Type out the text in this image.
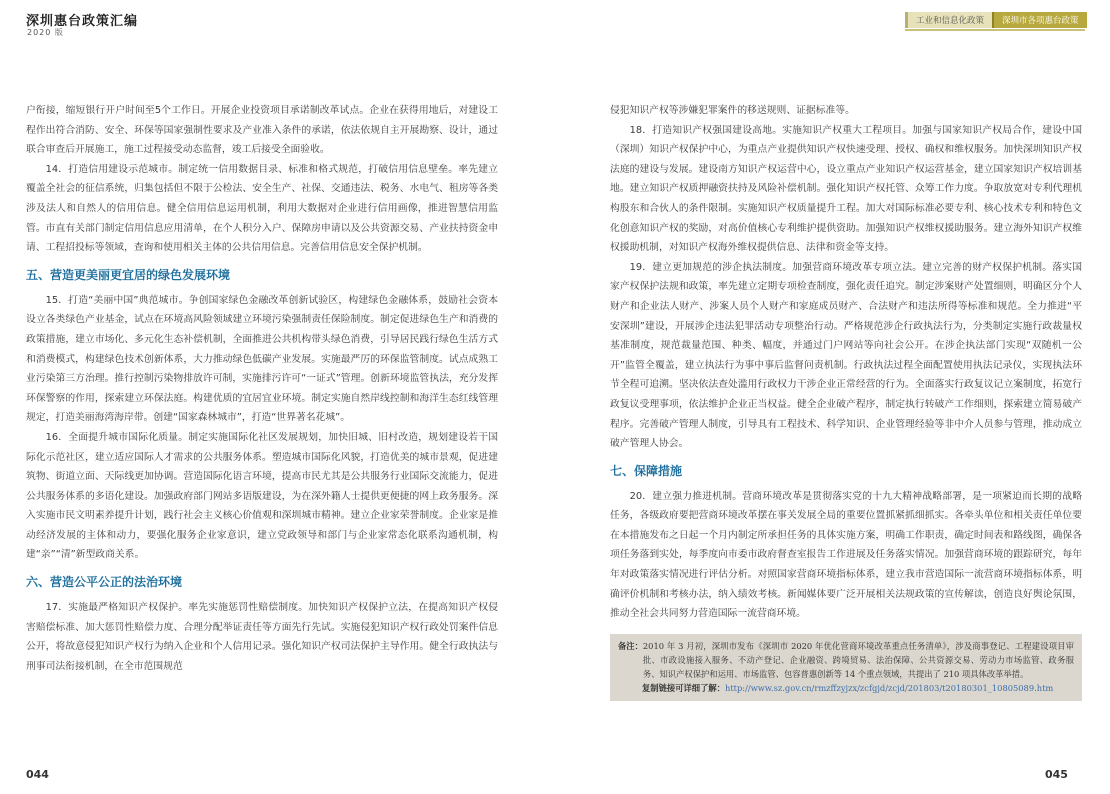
深圳惠台政策汇编
2020 版
工业和信息化政策	深圳市各项惠台政策

户衔接，缩短银行开户时间至5个工作日。开展企业投资项目承诺制改革试点。企业在获得用地后，对建设工程作出符合消防、安全、环保等国家强制性要求及产业准入条件的承诺，依法依规自主开展勘察、设计，通过联合审查后开展施工，施工过程接受动态监督，竣工后接受全面验收。

14．打造信用建设示范城市。制定统一信用数据目录、标准和格式规范，打破信用信息壁垒。率先建立覆盖全社会的征信系统，归集包括但不限于公检法、安全生产、社保、交通违法、税务、水电气、租房等各类涉及法人和自然人的信用信息。健全信用信息运用机制，利用大数据对企业进行信用画像，推进智慧信用监管。市直有关部门制定信用信息应用清单，在个人积分入户、保障房申请以及公共资源交易、产业扶持资金申请、工程招投标等领域，查询和使用相关主体的公共信用信息。完善信用信息安全保护机制。

五、营造更美丽更宜居的绿色发展环境

15．打造“美丽中国”典范城市。争创国家绿色金融改革创新试验区，构建绿色金融体系，鼓励社会资本设立各类绿色产业基金，试点在环境高风险领域建立环境污染强制责任保险制度。制定促进绿色生产和消费的政策措施，建立市场化、多元化生态补偿机制，全面推进公共机构带头绿色消费，引导居民践行绿色生活方式和消费模式，构建绿色技术创新体系，大力推动绿色低碳产业发展。实施最严厉的环保监管制度。试点成熟工业污染第三方治理。推行控制污染物排放许可制，实施排污许可“一证式”管理。创新环境监管执法，充分发挥环保警察的作用，探索建立环保法庭。构建优质的宜居宜业环境。制定实施自然岸线控制和海洋生态红线管理规定，打造美丽海湾海岸带。创建“国家森林城市”，打造“世界著名花城”。

16．全面提升城市国际化质量。制定实施国际化社区发展规划，加快旧城、旧村改造，规划建设若干国际化示范社区，建立适应国际人才需求的公共服务体系。塑造城市国际化风貌，打造优美的城市景观，促进建筑物、街道立面、天际线更加协调。营造国际化语言环境，提高市民尤其是公共服务行业国际交流能力，促进公共服务体系的多语化建设。加强政府部门网站多语版建设，为在深外籍人士提供更便捷的网上政务服务。深入实施市民文明素养提升计划，践行社会主义核心价值观和深圳城市精神。建立企业家荣誉制度。企业家是推动经济发展的主体和动力，要强化服务企业家意识，建立党政领导和部门与企业家常态化联系沟通机制，构建“亲”“清”新型政商关系。

六、营造公平公正的法治环境

17．实施最严格知识产权保护。率先实施惩罚性赔偿制度。加快知识产权保护立法，在提高知识产权侵害赔偿标准、加大惩罚性赔偿力度、合理分配举证责任等方面先行先试。实施侵犯知识产权行政处罚案件信息公开，将故意侵犯知识产权行为纳入企业和个人信用记录。强化知识产权司法保护主导作用。健全行政执法与刑事司法衔接机制，在全市范围规范

侵犯知识产权等涉嫌犯罪案件的移送规则、证据标准等。

18．打造知识产权强国建设高地。实施知识产权重大工程项目。加强与国家知识产权局合作，建设中国（深圳）知识产权保护中心，为重点产业提供知识产权快速受理、授权、确权和维权服务。加快深圳知识产权法庭的建设与发展。建设南方知识产权运营中心，设立重点产业知识产权运营基金，建立国家知识产权培训基地。建立知识产权质押融资扶持及风险补偿机制。强化知识产权托管、众筹工作力度。争取放宽对专利代理机构股东和合伙人的条件限制。实施知识产权质量提升工程。加大对国际标准必要专利、核心技术专利和特色文化创意知识产权的奖励，对高价值核心专利维护提供资助。加强知识产权维权援助服务。建立海外知识产权维权援助机制，对知识产权海外维权提供信息、法律和资金等支持。

19．建立更加规范的涉企执法制度。加强营商环境改革专项立法。建立完善的财产权保护机制。落实国家产权保护法规和政策，率先建立定期专项检查制度，强化责任追究。制定涉案财产处置细则，明确区分个人财产和企业法人财产、涉案人员个人财产和家庭成员财产、合法财产和违法所得等标准和规范。全力推进“平安深圳”建设，开展涉企违法犯罪活动专项整治行动。严格规范涉企行政执法行为，分类制定实施行政裁量权基准制度，规范裁量范围、种类、幅度，并通过门户网站等向社会公开。在涉企执法部门实现“双随机一公开”监管全覆盖，建立执法行为事中事后监督问责机制。行政执法过程全面配置使用执法记录仪，实现执法环节全程可追溯。坚决依法查处滥用行政权力干涉企业正常经营的行为。全面落实行政复议记立案制度，拓宽行政复议受理事项，依法维护企业正当权益。健全企业破产程序，制定执行转破产工作细则，探索建立简易破产程序。完善破产管理人制度，引导具有工程技术、科学知识、企业管理经验等非中介人员参与管理，推动成立破产管理人协会。

七、保障措施

20．建立强力推进机制。营商环境改革是贯彻落实党的十九大精神战略部署，是一项紧迫而长期的战略任务，各级政府要把营商环境改革摆在事关发展全局的重要位置抓紧抓细抓实。各牵头单位和相关责任单位要在本措施发布之日起一个月内制定所承担任务的具体实施方案，明确工作职责，确定时间表和路线图，确保各项任务落到实处，每季度向市委市政府督查室报告工作进展及任务落实情况。加强营商环境的跟踪研究，每年年对政策落实情况进行评估分析。对照国家营商环境指标体系，建立我市营造国际一流营商环境指标体系，明确评价机制和考核办法，纳入绩效考核。新闻媒体要广泛开展相关法规政策的宣传解读，创造良好舆论氛围，推动全社会共同努力营造国际一流营商环境。

备注： 2010 年 3 月初，深圳市发布《深圳市 2020 年优化营商环境改革重点任务清单》，涉及商事登记、工程建设项目审批、市政设施接入服务、不动产登记、企业融资、跨境贸易、法治保障、公共资源交易、劳动力市场监管、政务服务、知识产权保护和运用、市场监管、包容普惠创新等 14 个重点领域，共提出了 210 项具体改革举措。
复制链接可详细了解：http://www.sz.gov.cn/rmzffzyjzx/zcfgjd/zcjd/201803/t20180301_10805089.htm
044	045
